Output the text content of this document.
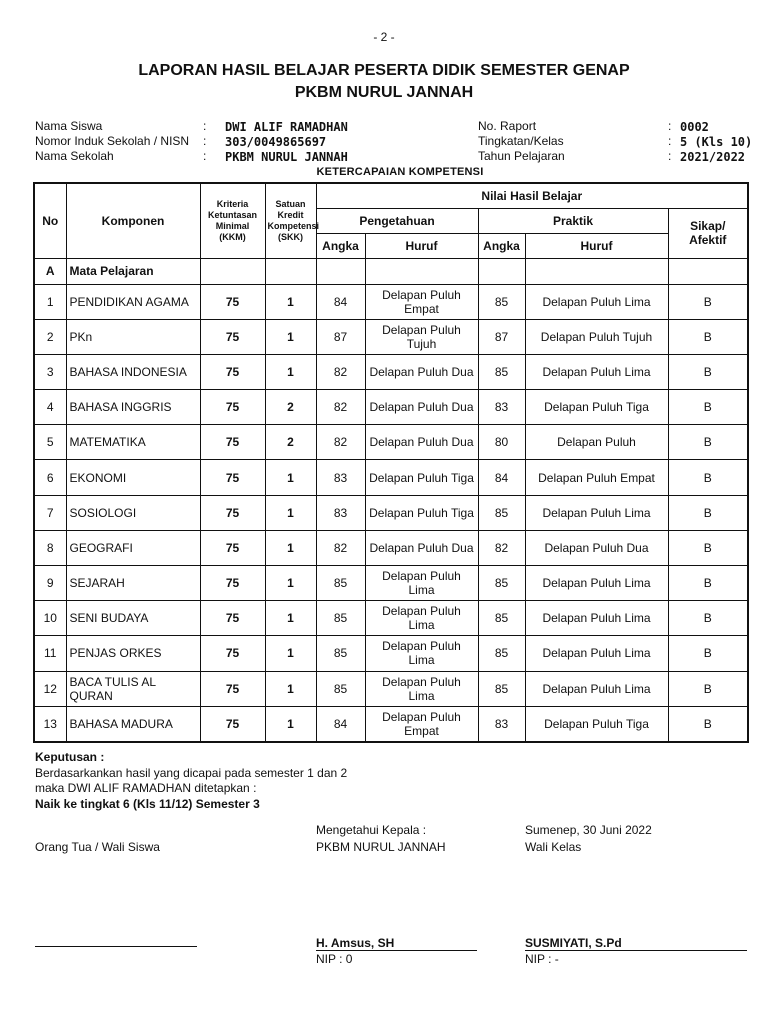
- 2 -
LAPORAN HASIL BELAJAR PESERTA DIDIK SEMESTER GENAP
PKBM NURUL JANNAH
Nama Siswa	: DWI ALIF RAMADHAN
Nomor Induk Sekolah / NISN : 303/0049865697
Nama Sekolah	: PKBM NURUL JANNAH
No. Raport	: 0002
Tingkatan/Kelas	: 5 (Kls 10)
Tahun Pelajaran	: 2021/2022
KETERCAPAIAN KOMPETENSI
No	Komponen	Kriteria Ketuntasan Minimal (KKM)	Satuan Kredit Kompetensi (SKK)	Nilai Hasil Belajar				
				Pengetahuan		Praktik		Sikap/ Afektif
				Angka	Huruf	Angka	Huruf	
A	Mata Pelajaran							
1	PENDIDIKAN AGAMA	75	1	84	Delapan Puluh Empat	85	Delapan Puluh Lima	B
2	PKn	75	1	87	Delapan Puluh Tujuh	87	Delapan Puluh Tujuh	B
3	BAHASA INDONESIA	75	1	82	Delapan Puluh Dua	85	Delapan Puluh Lima	B
4	BAHASA INGGRIS	75	2	82	Delapan Puluh Dua	83	Delapan Puluh Tiga	B
5	MATEMATIKA	75	2	82	Delapan Puluh Dua	80	Delapan Puluh	B
6	EKONOMI	75	1	83	Delapan Puluh Tiga	84	Delapan Puluh Empat	B
7	SOSIOLOGI	75	1	83	Delapan Puluh Tiga	85	Delapan Puluh Lima	B
8	GEOGRAFI	75	1	82	Delapan Puluh Dua	82	Delapan Puluh Dua	B
9	SEJARAH	75	1	85	Delapan Puluh Lima	85	Delapan Puluh Lima	B
10	SENI BUDAYA	75	1	85	Delapan Puluh Lima	85	Delapan Puluh Lima	B
11	PENJAS ORKES	75	1	85	Delapan Puluh Lima	85	Delapan Puluh Lima	B
12	BACA TULIS AL QURAN	75	1	85	Delapan Puluh Lima	85	Delapan Puluh Lima	B
13	BAHASA MADURA	75	1	84	Delapan Puluh Empat	83	Delapan Puluh Tiga	B
Keputusan :
Berdasarkankan hasil yang dicapai pada semester 1 dan 2
maka DWI ALIF RAMADHAN ditetapkan :
Naik ke tingkat 6 (Kls 11/12) Semester 3
Mengetahui Kepala :	Sumenep, 30 Juni 2022
Orang Tua / Wali Siswa	PKBM NURUL JANNAH	Wali Kelas
H. Amsus, SH	SUSMIYATI, S.Pd
NIP : 0	NIP : -
